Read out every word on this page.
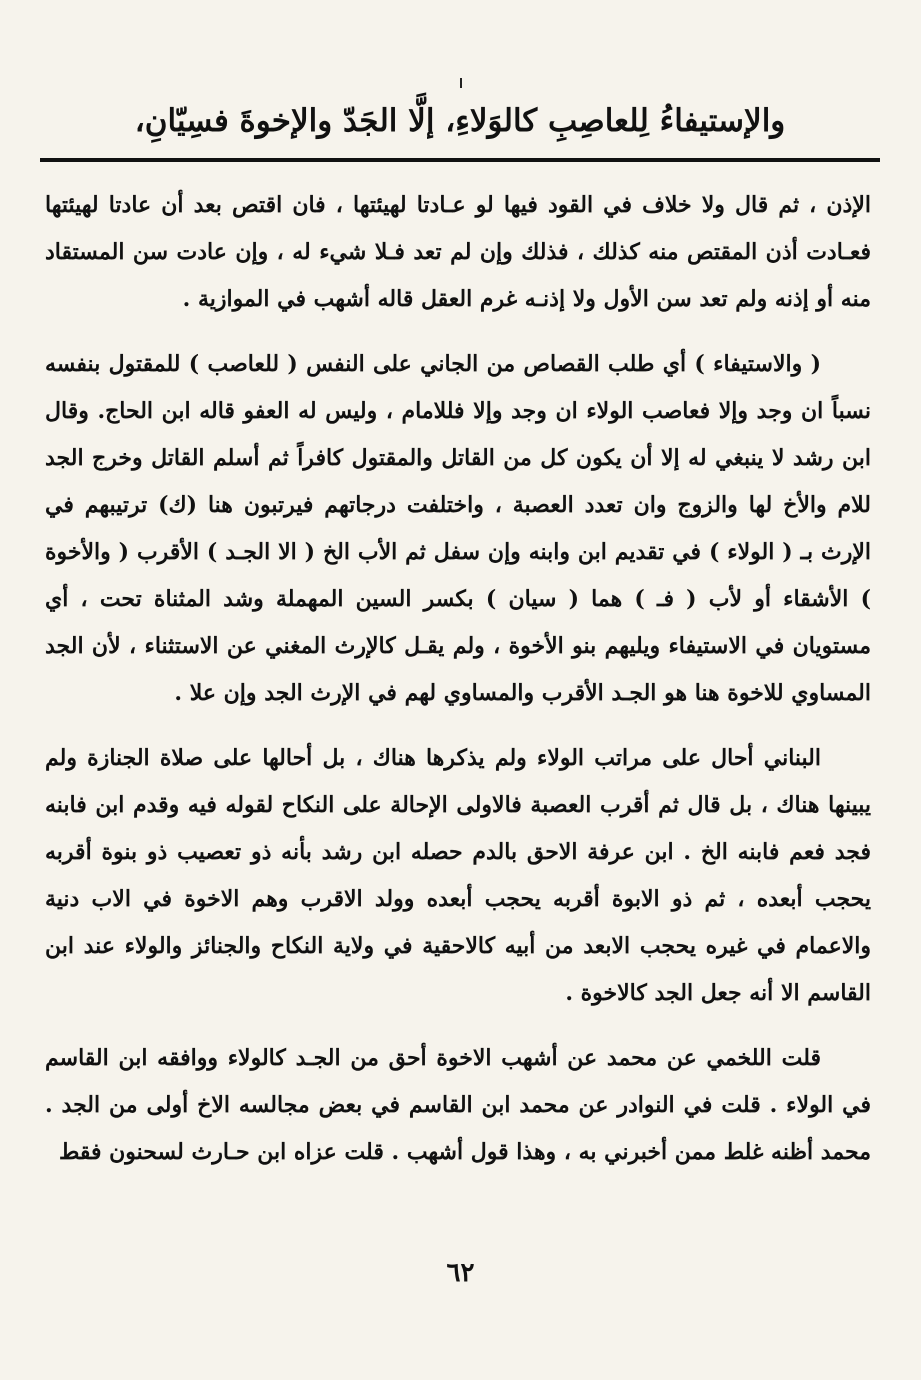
والإستيفاءُ لِلعاصِبِ كالوَلاءِ، إلَّا الجَدّ والإخوةَ فسِيّانِ،

الإذن ، ثم قال ولا خلاف في القود فيها لو عـادتا لهيئتها ، فان اقتص بعد أن عادتا لهيئتها فعـادت أذن المقتص منه كذلك ، فذلك وإن لم تعد فـلا شيء له ، وإن عادت سن المستقاد منه أو إذنه ولم تعد سن الأول ولا إذنـه غرم العقل قاله أشهب في الموازية .

( والاستيفاء ) أي طلب القصاص من الجاني على النفس ( للعاصب ) للمقتول بنفسه نسباً ان وجد وإلا فعاصب الولاء ان وجد وإلا فللامام ، وليس له العفو قاله ابن الحاج. وقال ابن رشد لا ينبغي له إلا أن يكون كل من القاتل والمقتول كافراً ثم أسلم القاتل وخرج الجد للام والأخ لها والزوج وان تعدد العصبة ، واختلفت درجاتهم فيرتبون هنا (ك) ترتيبهم في الإرث بـ ( الولاء ) في تقديم ابن وابنه وإن سفل ثم الأب الخ ( الا الجـد ) الأقرب ( والأخوة ) الأشقاء أو لأب ( فـ ) هما ( سيان ) بكسر السين المهملة وشد المثناة تحت ، أي مستويان في الاستيفاء ويليهم بنو الأخوة ، ولم يقـل كالإرث المغني عن الاستثناء ، لأن الجد المساوي للاخوة هنا هو الجـد الأقرب والمساوي لهم في الإرث الجد وإن علا .

البناني أحال على مراتب الولاء ولم يذكرها هناك ، بل أحالها على صلاة الجنازة ولم يبينها هناك ، بل قال ثم أقرب العصبة فالاولى الإحالة على النكاح لقوله فيه وقدم ابن فابنه فجد فعم فابنه الخ . ابن عرفة الاحق بالدم حصله ابن رشد بأنه ذو تعصيب ذو بنوة أقربه يحجب أبعده ، ثم ذو الابوة أقربه يحجب أبعده وولد الاقرب وهم الاخوة في الاب دنية والاعمام في غيره يحجب الابعد من أبيه كالاحقية في ولاية النكاح والجنائز والولاء عند ابن القاسم الا أنه جعل الجد كالاخوة .

قلت اللخمي عن محمد عن أشهب الاخوة أحق من الجـد كالولاء ووافقه ابن القاسم في الولاء . قلت في النوادر عن محمد ابن القاسم في بعض مجالسه الاخ أولى من الجد . محمد أظنه غلط ممن أخبرني به ، وهذا قول أشهب . قلت عزاه ابن حـارث لسحنون فقط

٦٢
